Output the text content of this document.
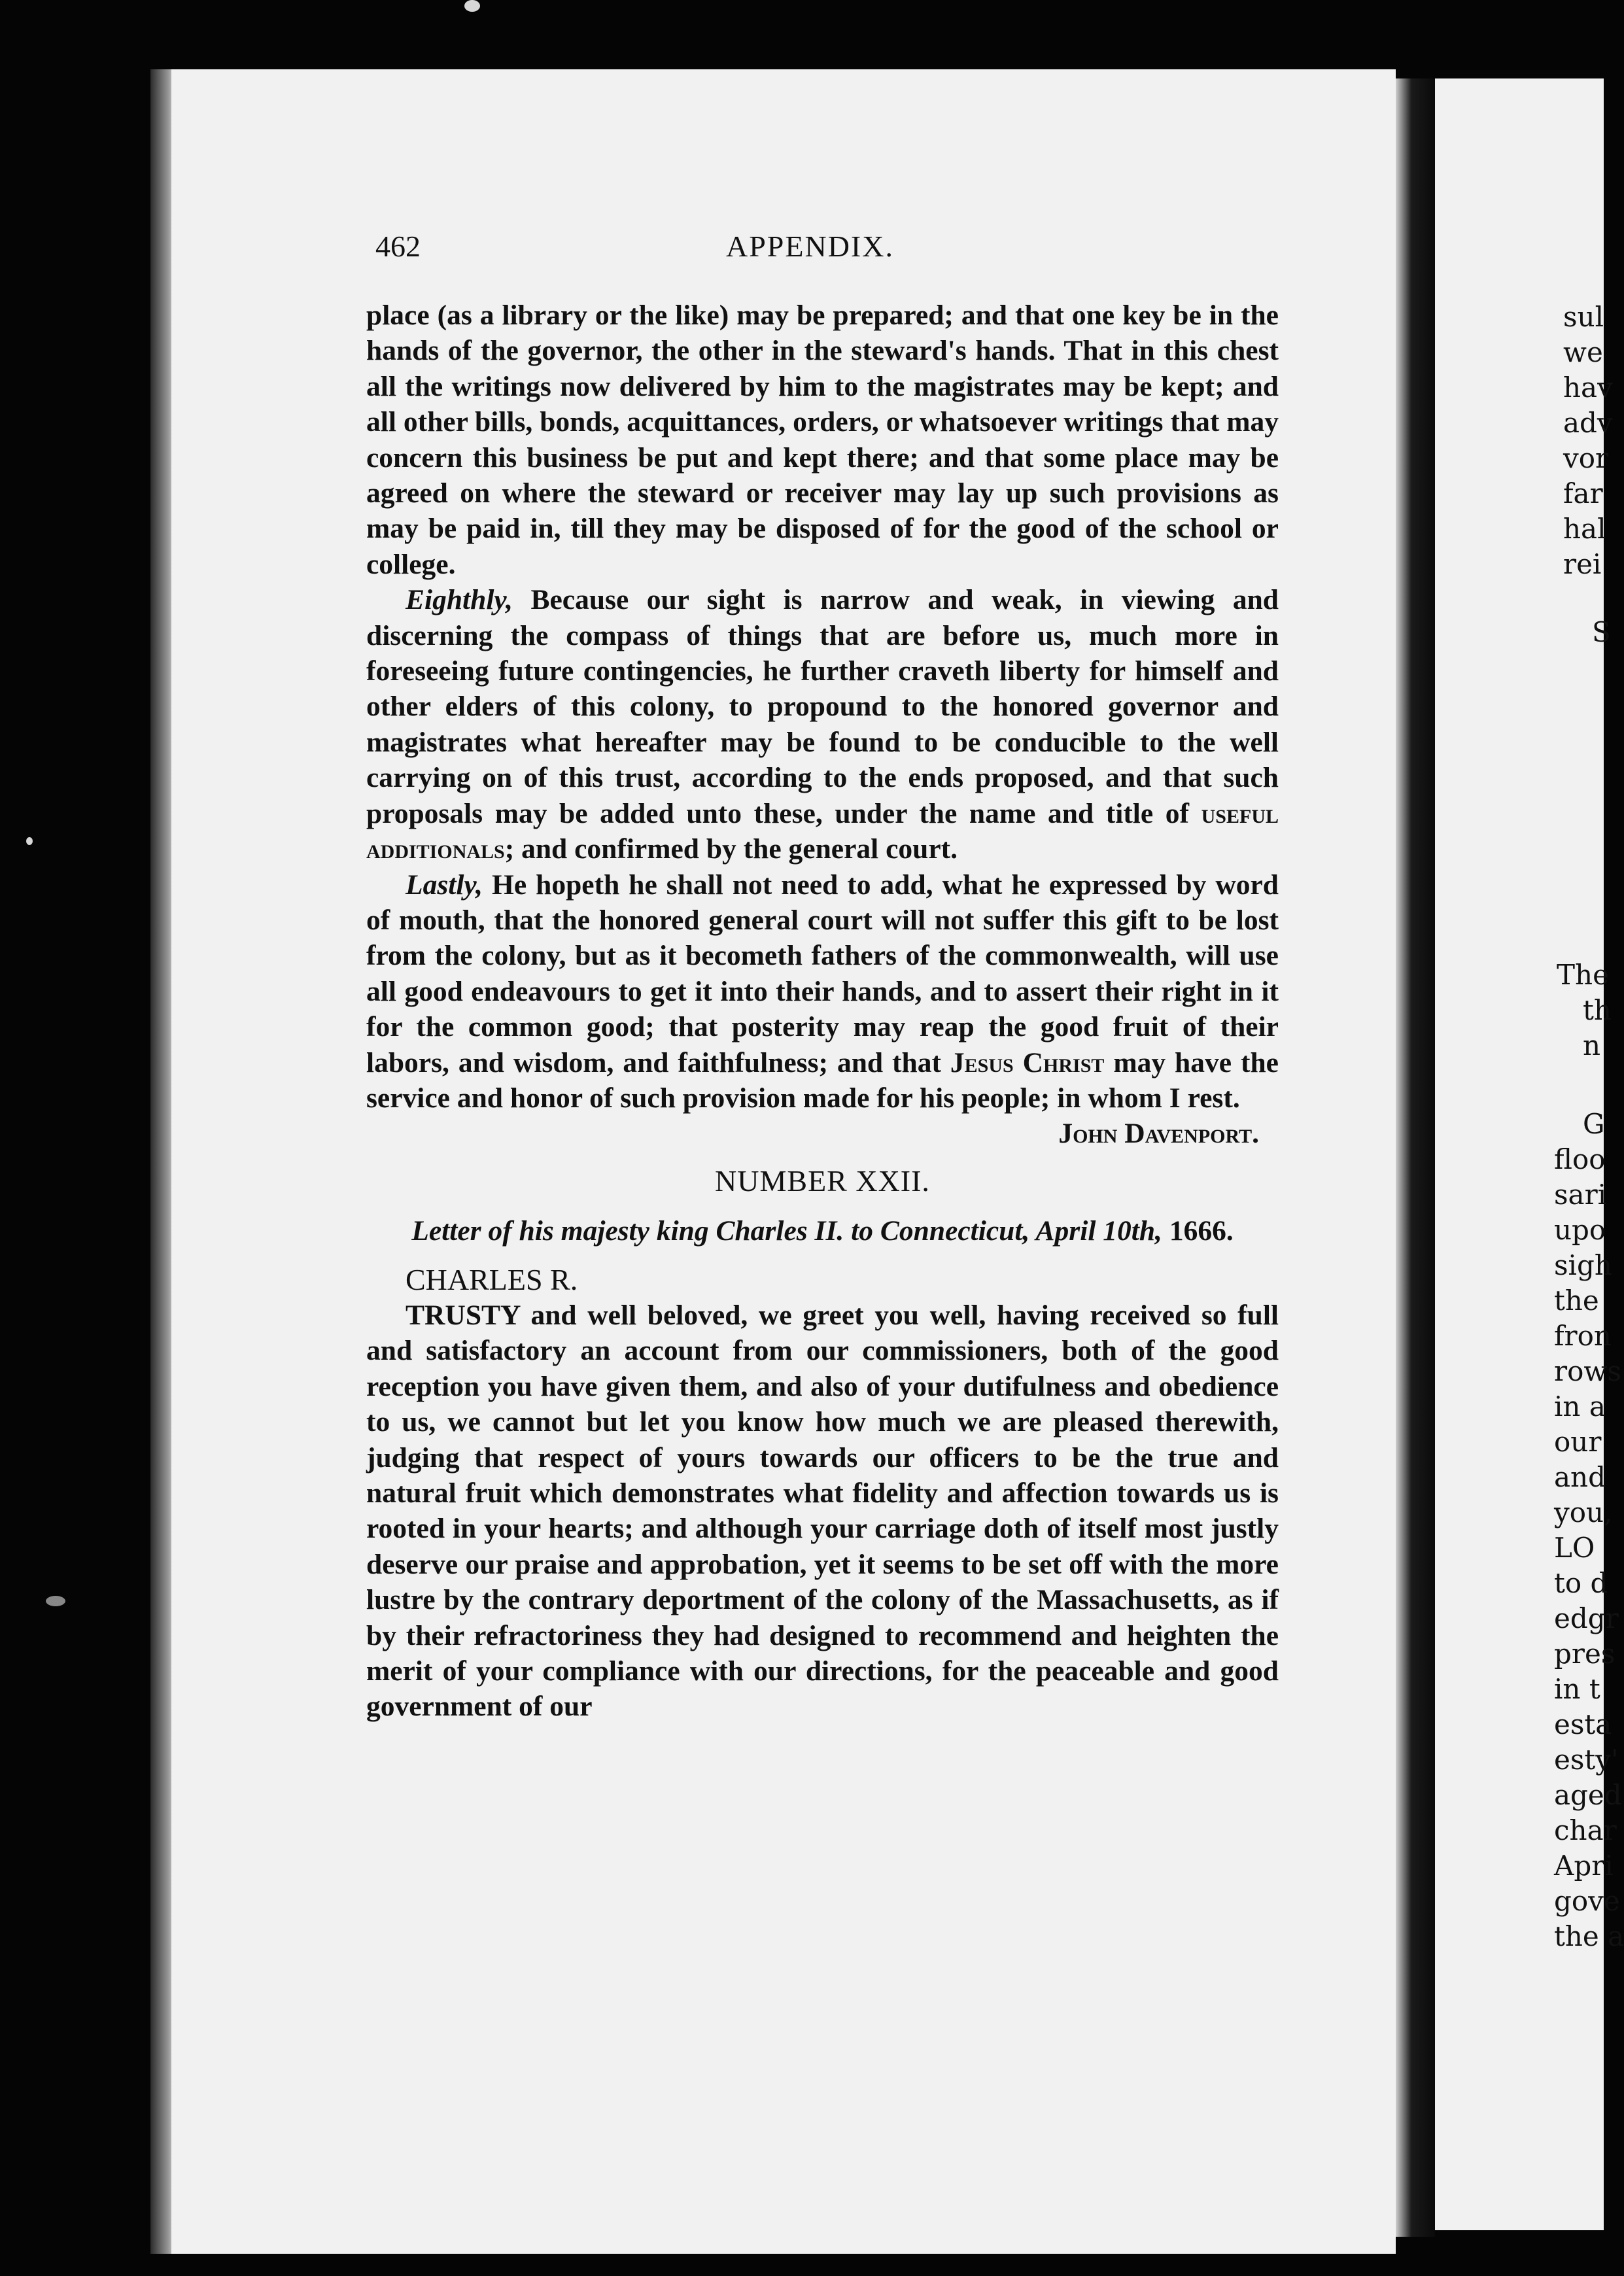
462	APPENDIX.

place (as a library or the like) may be prepared; and that one key be in the hands of the governor, the other in the steward's hands. That in this chest all the writings now delivered by him to the magistrates may be kept; and all other bills, bonds, acquittances, orders, or whatsoever writings that may concern this business be put and kept there; and that some place may be agreed on where the steward or receiver may lay up such provisions as may be paid in, till they may be disposed of for the good of the school or college.

Eighthly, Because our sight is narrow and weak, in viewing and discerning the compass of things that are before us, much more in foreseeing future contingencies, he further craveth liberty for himself and other elders of this colony, to propound to the honored governor and magistrates what hereafter may be found to be conducible to the well carrying on of this trust, according to the ends proposed, and that such proposals may be added unto these, under the name and title of useful additionals; and confirmed by the general court.

Lastly, He hopeth he shall not need to add, what he expressed by word of mouth, that the honored general court will not suffer this gift to be lost from the colony, but as it becometh fathers of the commonwealth, will use all good endeavours to get it into their hands, and to assert their right in it for the common good; that posterity may reap the good fruit of their labors, and wisdom, and faithfulness; and that Jesus Christ may have the service and honor of such provision made for his people; in whom I rest.

John Davenport.

NUMBER XXII.

Letter of his majesty king Charles II. to Connecticut, April 10th, 1666.

CHARLES R.

TRUSTY and well beloved, we greet you well, having received so full and satisfactory an account from our commissioners, both of the good reception you have given them, and also of your dutifulness and obedience to us, we cannot but let you know how much we are pleased therewith, judging that respect of yours towards our officers to be the true and natural fruit which demonstrates what fidelity and affection towards us is rooted in your hearts; and although your carriage doth of itself most justly deserve our praise and approbation, yet it seems to be set off with the more lustre by the contrary deportment of the colony of the Massachusetts, as if by their refractoriness they had designed to recommend and heighten the merit of your compliance with our directions, for the peaceable and good government of our

sul
we
hav
adv
vor
far
hal
rei
S
The
th
n
G
floo
sari
upo
sigh
the
fron
rows
in a
our
and
you,
LO
to d
edgr
pres
in t
esta
esty'
aged
char
Apri
gove
the a
